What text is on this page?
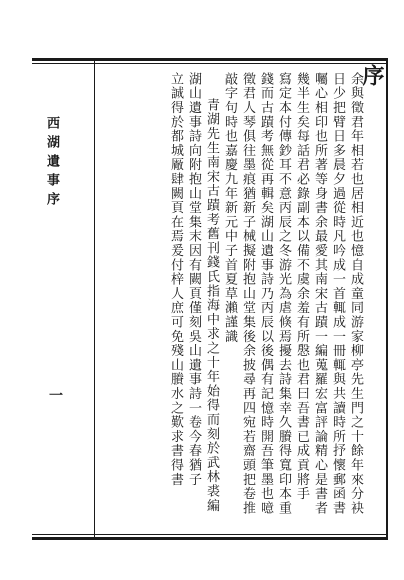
序
余與徵君年相若也居相近也憶自成童同游家柳亭先生門之十餘年來分袂
日少把臂日多晨夕過從時凡吟成一首輒成一冊輒與共讀時所抒懷郵函書
囑心相印也所著等身書余最愛其南宋古蹟一編蒐羅宏富評論精心是書者
幾半生矣每話君必錄副本以備不虞余羞有所慇也君曰吾書已成貢將手
寫定本付傳鈔耳不意丙辰之冬游光為虐倏焉擾去詩集幸久賸得寬印本重
錢而古蹟考無從再輯矣湖山遺事詩乃丙辰以後偶有記憶時開吾筆墨也噫
徵君人琴俱往墨痕猶新子械擬附抱山堂集後余披尋再四宛若齋頭把卷推
敲字句時也嘉慶九年新元中子首夏草瀨謹識
青湖先生南宋古蹟考舊刊錢氏指海中求之十年始得而刻於武林裘編
湖山遺事詩向附抱山堂集末因有闕頁僅刻吳山遺事詩一卷今春猶子
立誠得於都城厰肆闕頁在焉爰付梓人庶可免殘山賸水之歎求書得書
西湖遺事序
一
